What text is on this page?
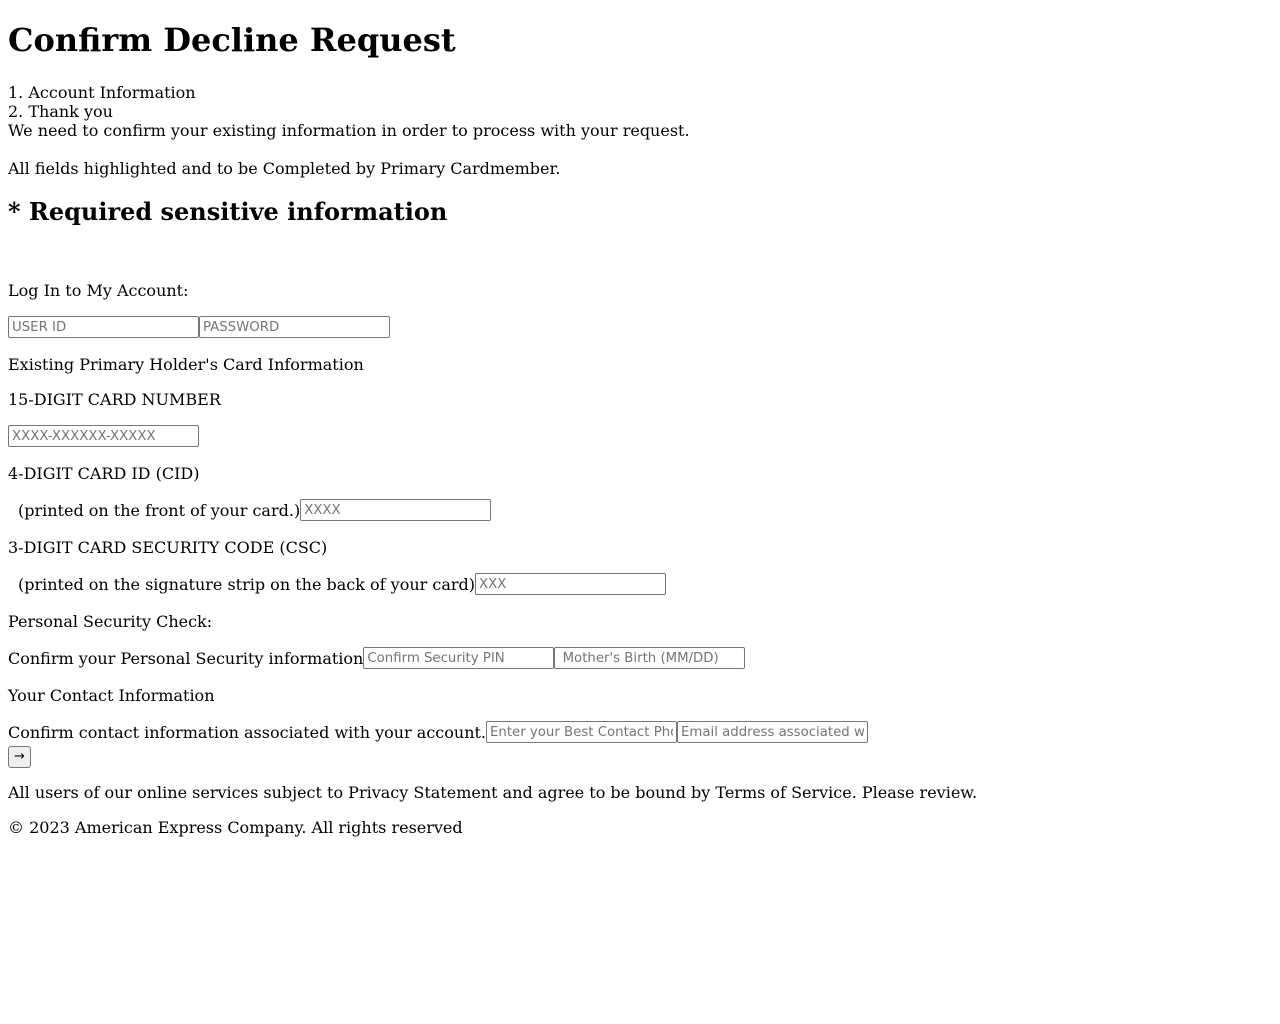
Confirm Decline Request
1. Account Information
2. Thank you
We need to confirm your existing information in order to process with your request.
All fields highlighted and to be Completed by Primary Cardmember.
* Required sensitive information
Log In to My Account:
USER ID
Existing Primary Holder's Card Information
15-DIGIT CARD NUMBER
XXXX-XXXXXX-XXXXX
4-DIGIT CARD ID (CID)
(printed on the front of your card.)
XXXX
3-DIGIT CARD SECURITY CODE (CSC)
(printed on the signature strip on the back of your card)
XXX
Personal Security Check:
Confirm your Personal Security information
Confirm Security PIN
Mother's Birth (MM/DD)
Your Contact Information
Confirm contact information associated with your account.
Enter your Best Contact Phone
Email address associated with your account
→
All users of our online services subject to Privacy Statement and agree to be bound by Terms of Service. Please review.
© 2023 American Express Company. All rights reserved
